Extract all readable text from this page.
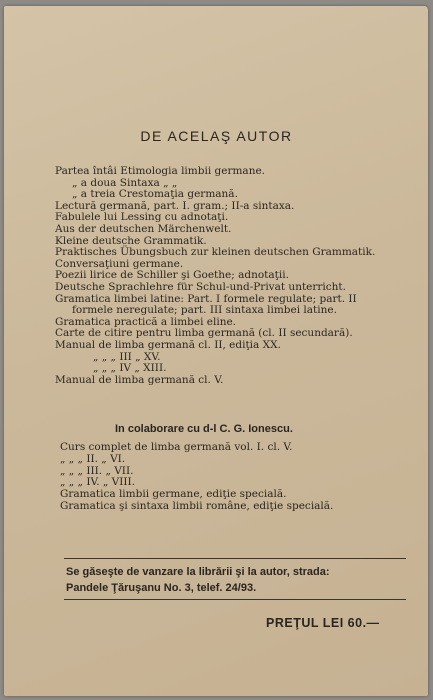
DE ACELAŞ AUTOR
Partea întâi Etimologia limbii germane.
„ a doua Sintaxa „ „
„ a treia Crestomaţia germană.
Lectură germană, part. I. gram.; II-a sintaxa.
Fabulele lui Lessing cu adnotaţi.
Aus der deutschen Märchenwelt.
Kleine deutsche Grammatik.
Praktisches Übungsbuch zur kleinen deutschen Grammatik.
Conversaţiuni germane.
Poezii lirice de Schiller şi Goethe; adnotaţii.
Deutsche Sprachlehre für Schul-und-Privat unterricht.
Gramatica limbei latine: Part. I formele regulate; part. II
formele neregulate; part. III sintaxa limbei latine.
Gramatica practică a limbei eline.
Carte de citire pentru limba germană (cl. II secundară).
Manual de limba germană cl. II, ediţia XX.
„ „ „ III „ XV.
„ „ „ IV „ XIII.
Manual de limba germană cl. V.
In colaborare cu d-l C. G. Ionescu.
Curs complet de limba germană vol. I. cl. V.
„ „ „ II. „ VI.
„ „ „ III. „ VII.
„ „ „ IV. „ VIII.
Gramatica limbii germane, ediţie specială.
Gramatica şi sintaxa limbii române, ediţie specială.
Se găseşte de vanzare la librării şi la autor, strada:
Pandele Ţăruşanu No. 3, telef. 24/93.
PREŢUL LEI 60.—
